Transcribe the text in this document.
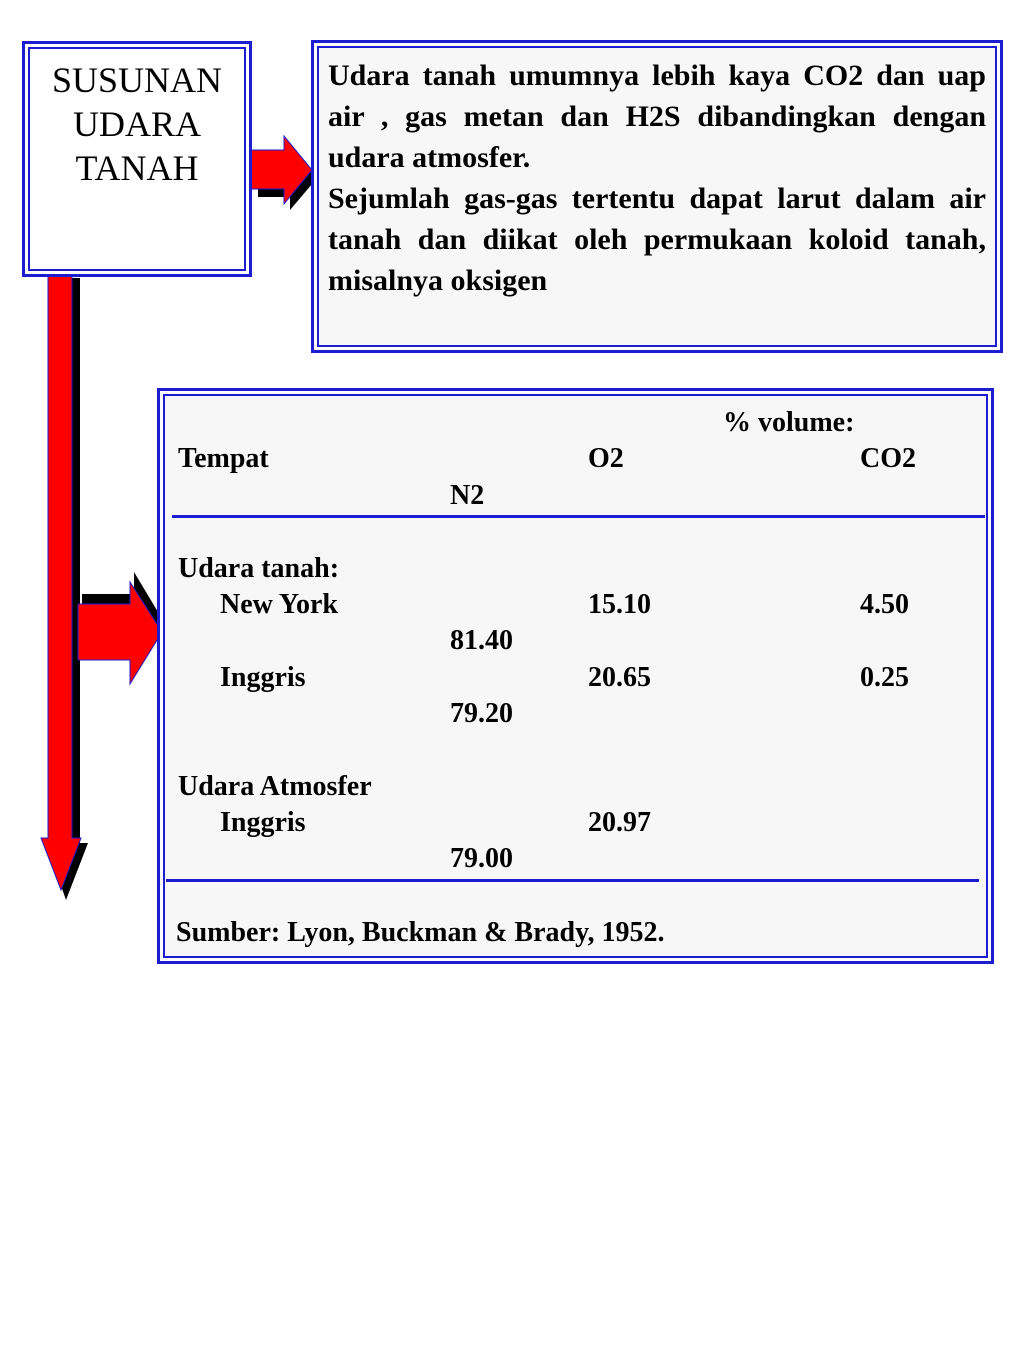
SUSUNAN
UDARA
TANAH

Udara tanah umumnya lebih kaya CO2 dan uap air , gas metan dan H2S dibandingkan dengan udara atmosfer.

Sejumlah gas-gas tertentu dapat larut dalam air tanah dan diikat oleh permukaan koloid tanah, misalnya oksigen

% volume:
Tempat	O2	CO2
N2
Udara tanah:
New York	15.10	4.50
81.40
Inggris	20.65	0.25
79.20
Udara Atmosfer
Inggris	20.97
79.00
Sumber: Lyon, Buckman & Brady, 1952.
